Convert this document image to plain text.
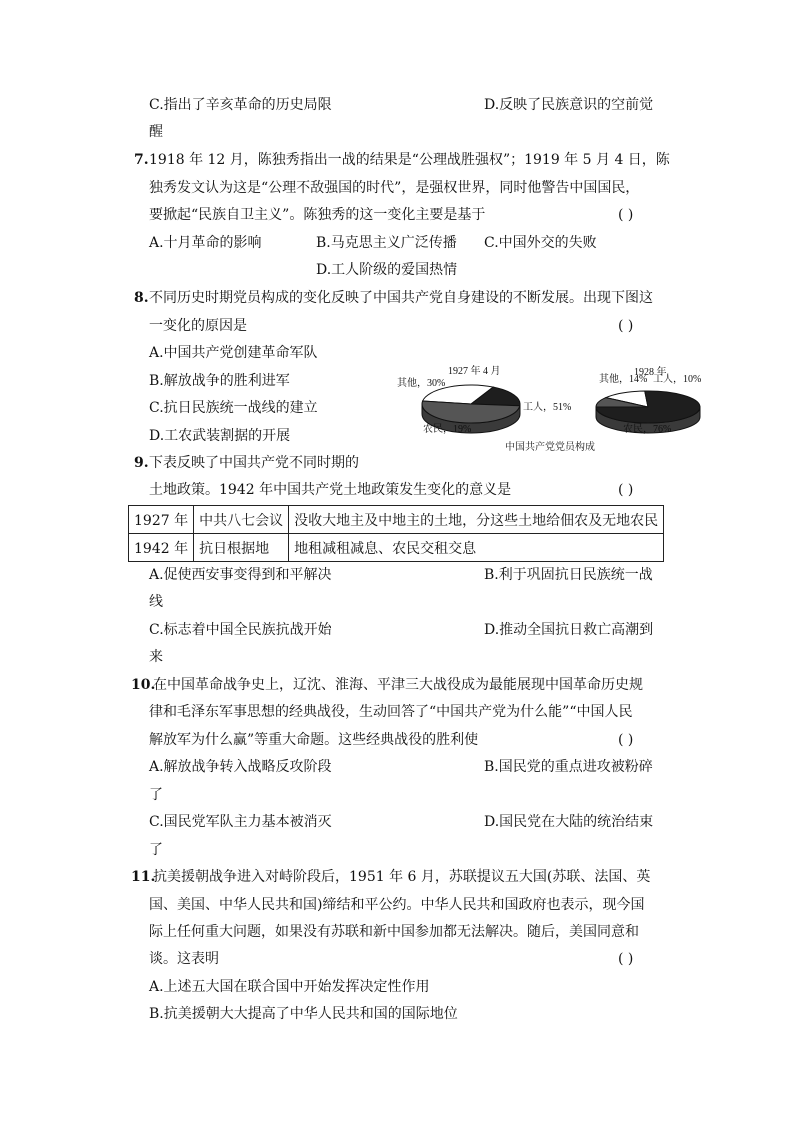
C.指出了辛亥革命的历史局限	D.反映了民族意识的空前觉
醒
7. 1918 年 12 月，陈独秀指出一战的结果是“公理战胜强权”；1919 年 5 月 4 日，陈
独秀发文认为这是“公理不敌强国的时代”，是强权世界，同时他警告中国国民，
要掀起“民族自卫主义”。陈独秀的这一变化主要是基于	( )
A.十月革命的影响	B.马克思主义广泛传播 C.中国外交的失败
D.工人阶级的爱国热情
8. 不同历史时期党员构成的变化反映了中国共产党自身建设的不断发展。出现下图这
一变化的原因是	( )
A.中国共产党创建革命军队
B.解放战争的胜利进军
C.抗日民族统一战线的建立
D.工农武装割据的开展
1927 年 4 月
工人，51%
农民，19%
其他，30%
1928 年
工人，10%
农民，76%
其他，14%
中国共产党党员构成
9. 下表反映了中国共产党不同时期的
土地政策。1942 年中国共产党土地政策发生变化的意义是	( )
1927 年	中共八七会议	没收大地主及中地主的土地，分这些土地给佃农及无地农民
1942 年	抗日根据地	地租减租减息、农民交租交息
A.促使西安事变得到和平解决	B.利于巩固抗日民族统一战
线
C.标志着中国全民族抗战开始	D.推动全国抗日救亡高潮到
来
10.
在中国革命战争史上，辽沈、淮海、平津三大战役成为最能展现中国革命历史规
律和毛泽东军事思想的经典战役，生动回答了“中国共产党为什么能”“中国人民
解放军为什么赢”等重大命题。这些经典战役的胜利使	( )
A.解放战争转入战略反攻阶段	B.国民党的重点进攻被粉碎
了
C.国民党军队主力基本被消灭	D.国民党在大陆的统治结束
了
11.
抗美援朝战争进入对峙阶段后，1951 年 6 月，苏联提议五大国(苏联、法国、英
国、美国、中华人民共和国)缔结和平公约。中华人民共和国政府也表示，现今国
际上任何重大问题，如果没有苏联和新中国参加都无法解决。随后，美国同意和
谈。这表明	( )
A.上述五大国在联合国中开始发挥决定性作用
B.抗美援朝大大提高了中华人民共和国的国际地位
